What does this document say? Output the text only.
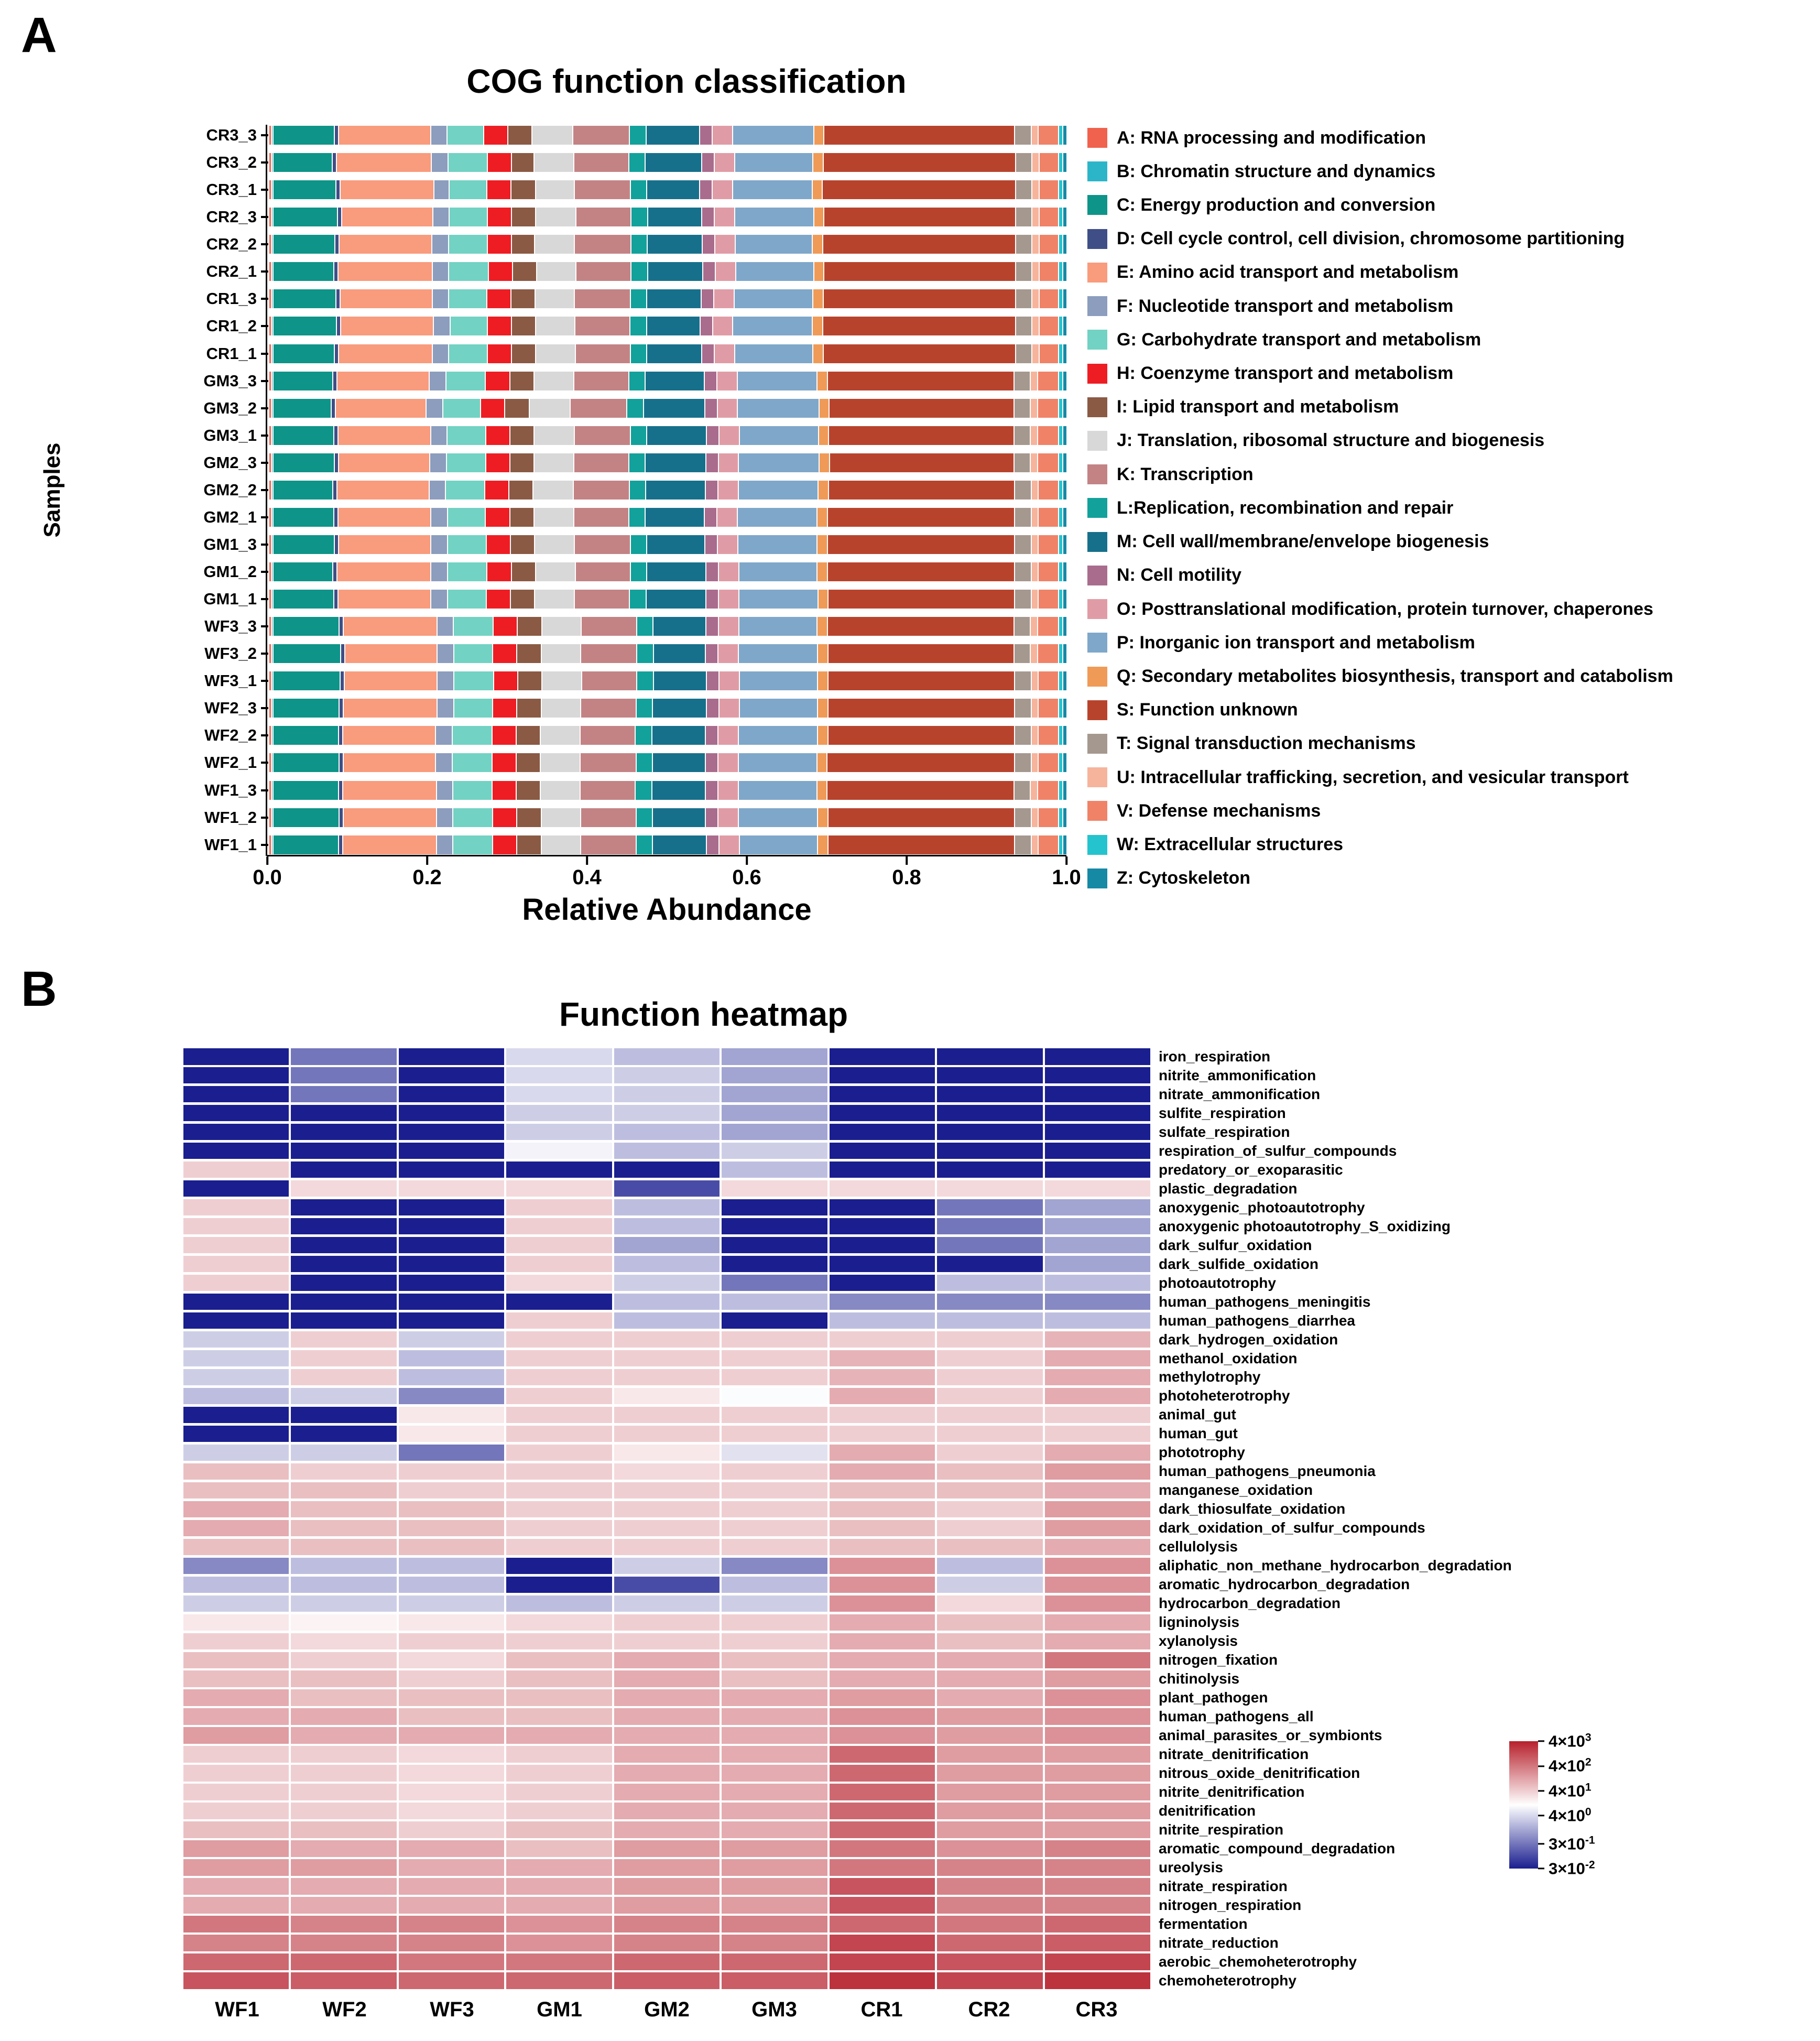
A
COG function classification
Samples
CR3_3
CR3_2
CR3_1
CR2_3
CR2_2
CR2_1
CR1_3
CR1_2
CR1_1
GM3_3
GM3_2
GM3_1
GM2_3
GM2_2
GM2_1
GM1_3
GM1_2
GM1_1
WF3_3
WF3_2
WF3_1
WF2_3
WF2_2
WF2_1
WF1_3
WF1_2
WF1_1
0.0	0.2	0.4	0.6	0.8	1.0
Relative Abundance
A: RNA processing and modification
B: Chromatin structure and dynamics
C: Energy production and conversion
D: Cell cycle control, cell division, chromosome partitioning
E: Amino acid transport and metabolism
F: Nucleotide transport and metabolism
G: Carbohydrate transport and metabolism
H: Coenzyme transport and metabolism
I: Lipid transport and metabolism
J: Translation, ribosomal structure and biogenesis
K: Transcription
L:Replication, recombination and repair
M: Cell wall/membrane/envelope biogenesis
N: Cell motility
O: Posttranslational modification, protein turnover, chaperones
P: Inorganic ion transport and metabolism
Q: Secondary metabolites biosynthesis, transport and catabolism
S: Function unknown
T: Signal transduction mechanisms
U: Intracellular trafficking, secretion, and vesicular transport
V: Defense mechanisms
W: Extracellular structures
Z: Cytoskeleton
B	Function heatmap
iron_respiration
nitrite_ammonification
nitrate_ammonification
sulfite_respiration
sulfate_respiration
respiration_of_sulfur_compounds
predatory_or_exoparasitic
plastic_degradation
anoxygenic_photoautotrophy
anoxygenic photoautotrophy_S_oxidizing
dark_sulfur_oxidation
dark_sulfide_oxidation
photoautotrophy
human_pathogens_meningitis
human_pathogens_diarrhea
dark_hydrogen_oxidation
methanol_oxidation
methylotrophy
photoheterotrophy
animal_gut
human_gut
phototrophy
human_pathogens_pneumonia
manganese_oxidation
dark_thiosulfate_oxidation
dark_oxidation_of_sulfur_compounds
cellulolysis
aliphatic_non_methane_hydrocarbon_degradation
aromatic_hydrocarbon_degradation
hydrocarbon_degradation
ligninolysis
xylanolysis
nitrogen_fixation
chitinolysis
plant_pathogen
human_pathogens_all
animal_parasites_or_symbionts
nitrate_denitrification
nitrous_oxide_denitrification
nitrite_denitrification
denitrification
nitrite_respiration
aromatic_compound_degradation
ureolysis
nitrate_respiration
nitrogen_respiration
fermentation
nitrate_reduction
aerobic_chemoheterotrophy
chemoheterotrophy
WF1	WF2	WF3	GM1	GM2	GM3	CR1	CR2	CR3
$4\times 10^3$
$4\times 10^2$
$4\times 10^1$
$4\times 10^0$
$3\times 10^{-1}$
$3\times 10^{-2}$
